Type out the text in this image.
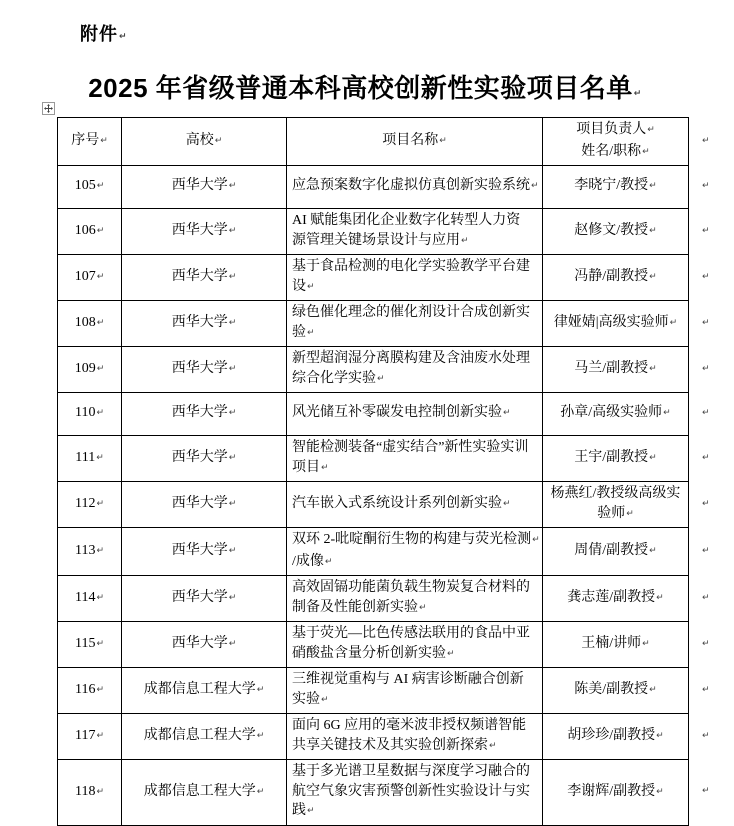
附件↵
2025 年省级普通本科高校创新性实验项目名单↵
序号↵	高校↵	项目名称↵	项目负责人↵
姓名/职称↵
105↵	西华大学↵	应急预案数字化虚拟仿真创新实验系统↵	李晓宁/教授↵
106↵	西华大学↵	AI 赋能集团化企业数字化转型人力资
源管理关键场景设计与应用↵	赵修文/教授↵
107↵	西华大学↵	基于食品检测的电化学实验教学平台建
设↵	冯静/副教授↵
108↵	西华大学↵	绿色催化理念的催化剂设计合成创新实
验↵	律娅婧|高级实验师↵
109↵	西华大学↵	新型超润湿分离膜构建及含油废水处理
综合化学实验↵	马兰/副教授↵
110↵	西华大学↵	风光储互补零碳发电控制创新实验↵	孙章/高级实验师↵
111↵	西华大学↵	智能检测装备“虚实结合”新性实验实训
项目↵	王宇/副教授↵
112↵	西华大学↵	汽车嵌入式系统设计系列创新实验↵	杨燕红/教授级高级实
验师↵
113↵	西华大学↵	双环 2-吡啶酮衍生物的构建与荧光检测↵
/成像↵	周倩/副教授↵
114↵	西华大学↵	高效固镉功能菌负载生物炭复合材料的
制备及性能创新实验↵	龚志莲/副教授↵
115↵	西华大学↵	基于荧光—比色传感法联用的食品中亚
硝酸盐含量分析创新实验↵	王楠/讲师↵
116↵	成都信息工程大学↵	三维视觉重构与 AI 病害诊断融合创新
实验↵	陈美/副教授↵
117↵	成都信息工程大学↵	面向 6G 应用的毫米波非授权频谱智能
共享关键技术及其实验创新探索↵	胡珍珍/副教授↵
118↵	成都信息工程大学↵	基于多光谱卫星数据与深度学习融合的
航空气象灾害预警创新性实验设计与实
践↵	李谢辉/副教授↵
↵
↵
↵
↵
↵
↵
↵
↵
↵
↵
↵
↵
↵
↵
↵
